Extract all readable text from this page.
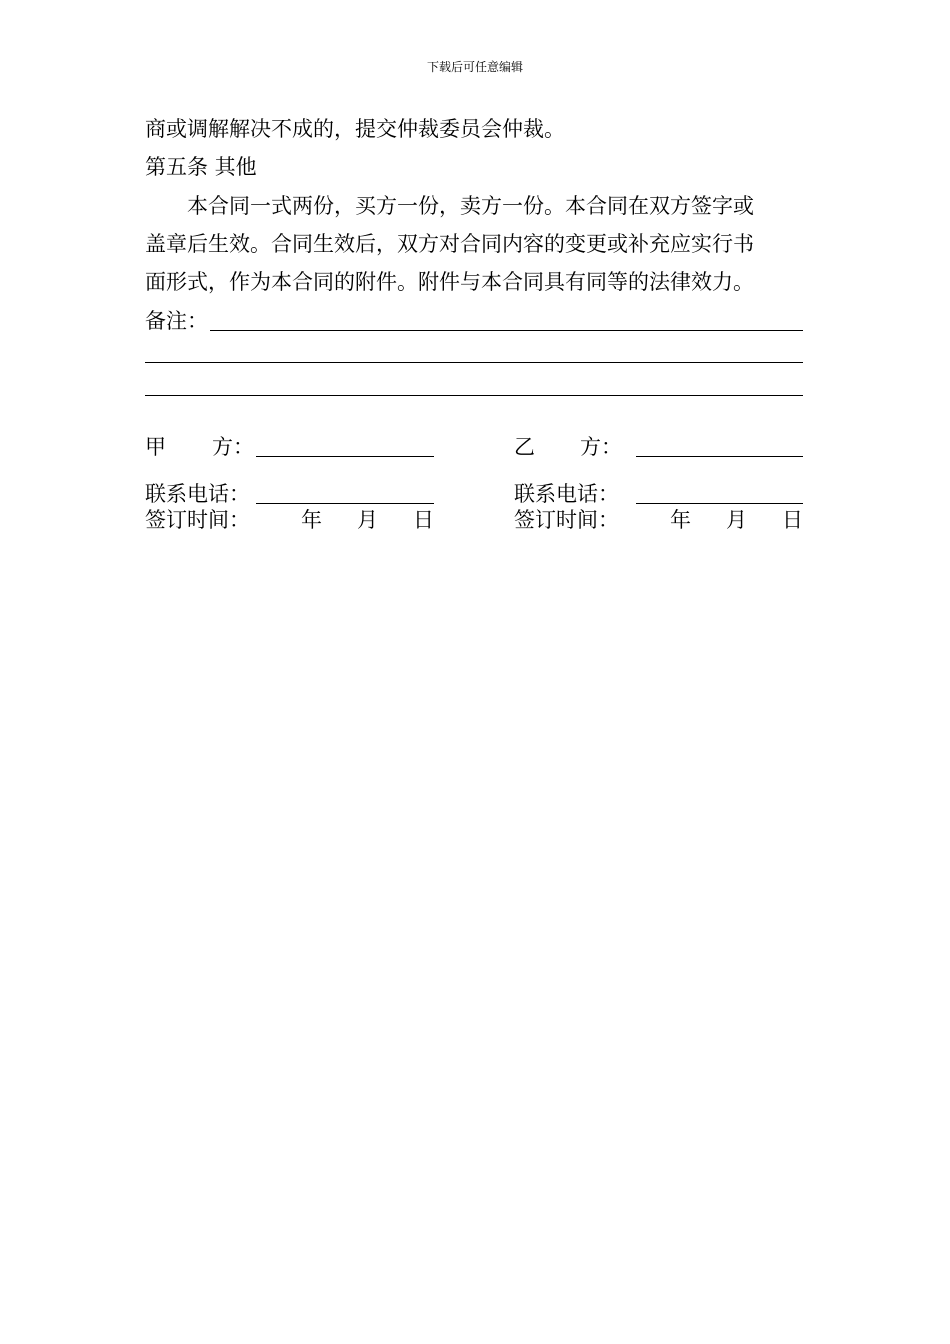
下载后可任意编辑
商或调解解决不成的，提交仲裁委员会仲裁。
第五条 其他
本合同一式两份，买方一份，卖方一份。本合同在双方签字或
盖章后生效。合同生效后，双方对合同内容的变更或补充应实行书
面形式，作为本合同的附件。附件与本合同具有同等的法律效力。
备注：
甲 方：	乙 方：
联系电话：	联系电话：
签订时间： 年 月 日	签订时间： 年 月 日
